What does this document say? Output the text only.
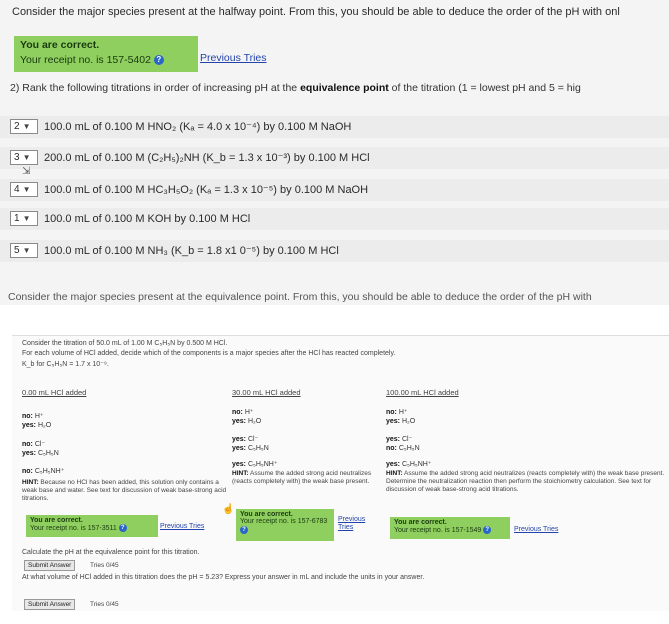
Consider the major species present at the halfway point. From this, you should be able to deduce the order of the pH with onl
You are correct.
Your receipt no. is 157-5402 ?	Previous Tries
2) Rank the following titrations in order of increasing pH at the equivalence point of the titration (1 = lowest pH and 5 = hig
2 ▼ 100.0 mL of 0.100 M HNO₂ (Kₐ = 4.0 x 10⁻⁴) by 0.100 M NaOH
3 ▼ 200.0 mL of 0.100 M (C₂H₅)₂NH (K_b = 1.3 x 10⁻³) by 0.100 M HCl
⇲
4 ▼ 100.0 mL of 0.100 M HC₃H₅O₂ (Kₐ = 1.3 x 10⁻⁵) by 0.100 M NaOH
1 ▼ 100.0 mL of 0.100 M KOH by 0.100 M HCl
5 ▼ 100.0 mL of 0.100 M NH₃ (K_b = 1.8 x1 0⁻⁵) by 0.100 M HCl
Consider the major species present at the equivalence point. From this, you should be able to deduce the order of the pH with
Consider the titration of 50.0 mL of 1.00 M C₅H₅N by 0.500 M HCl.
For each volume of HCl added, decide which of the components is a major species after the HCl has reacted completely.
K_b for C₅H₅N = 1.7 x 10⁻⁹.
0.00 mL HCl added
no: H⁺
yes: H₂O
no: Cl⁻
yes: C₅H₅N
no: C₅H₅NH⁺
HINT: Because no HCl has been added, this solution only contains a weak base and water. See text for discussion of weak base-strong acid titrations.
You are correct.
Your receipt no. is 157-3511 ?	Previous Tries
30.00 mL HCl added
no: H⁺
yes: H₂O
yes: Cl⁻
yes: C₅H₅N
yes: C₅H₅NH⁺
HINT: Assume the added strong acid neutralizes (reacts completely with) the weak base present.
☝ You are correct.
Your receipt no. is 157-6783 ?
Previous Tries
100.00 mL HCl added
no: H⁺
yes: H₂O
yes: Cl⁻
no: C₅H₅N
yes: C₅H₅NH⁺
HINT: Assume the added strong acid neutralizes (reacts completely with) the weak base present. Determine the neutralization reaction then perform the stoichiometry calculation. See text for discussion of weak base-strong acid titrations.
You are correct.
Your receipt no. is 157-1549 ?	Previous Tries
Calculate the pH at the equivalence point for this titration.
Submit Answer	Tries 0/45
At what volume of HCl added in this titration does the pH = 5.23? Express your answer in mL and include the units in your answer.
Submit Answer	Tries 0/45
